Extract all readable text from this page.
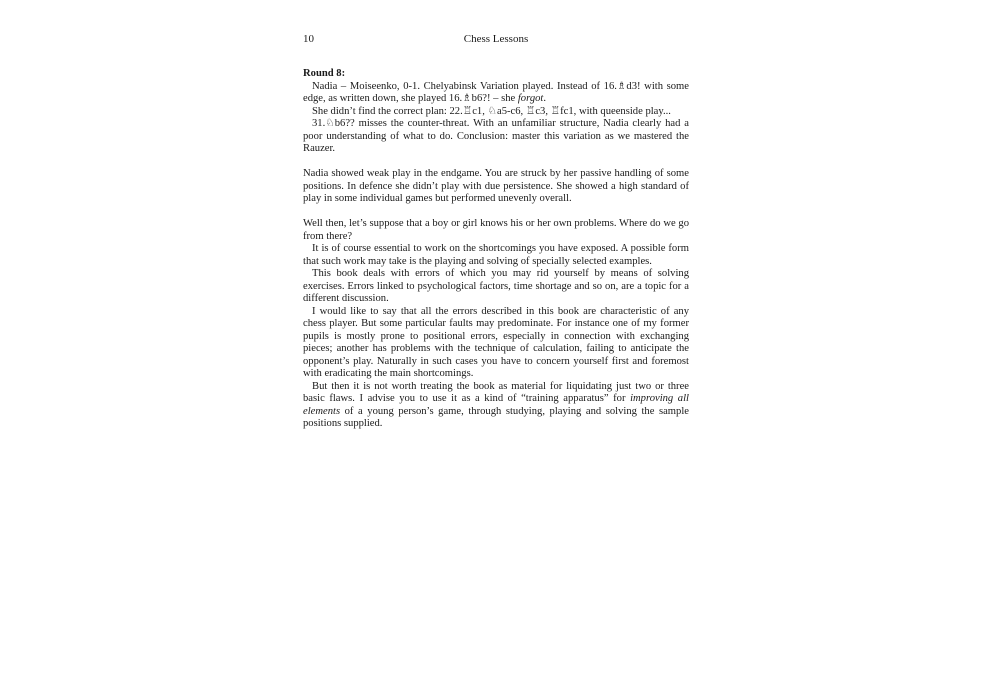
10	Chess Lessons
Round 8:

Nadia – Moiseenko, 0-1. Chelyabinsk Variation played. Instead of 16.♗d3! with some edge, as written down, she played 16.♗b6?! – she forgot.

She didn’t find the correct plan: 22.♖c1, ♘a5-c6, ♖c3, ♖fc1, with queenside play...

31.♘b6?? misses the counter-threat. With an unfamiliar structure, Nadia clearly had a poor understanding of what to do. Conclusion: master this variation as we mastered the Rauzer.

Nadia showed weak play in the endgame. You are struck by her passive handling of some positions. In defence she didn’t play with due persistence. She showed a high standard of play in some individual games but performed unevenly overall.

Well then, let’s suppose that a boy or girl knows his or her own problems. Where do we go from there?

It is of course essential to work on the shortcomings you have exposed. A possible form that such work may take is the playing and solving of specially selected examples.

This book deals with errors of which you may rid yourself by means of solving exercises. Errors linked to psychological factors, time shortage and so on, are a topic for a different discussion.

I would like to say that all the errors described in this book are characteristic of any chess player. But some particular faults may predominate. For instance one of my former pupils is mostly prone to positional errors, especially in connection with exchanging pieces; another has problems with the technique of calculation, failing to anticipate the opponent’s play. Naturally in such cases you have to concern yourself first and foremost with eradicating the main shortcomings.

But then it is not worth treating the book as material for liquidating just two or three basic flaws. I advise you to use it as a kind of “training apparatus” for improving all elements of a young person’s game, through studying, playing and solving the sample positions supplied.
